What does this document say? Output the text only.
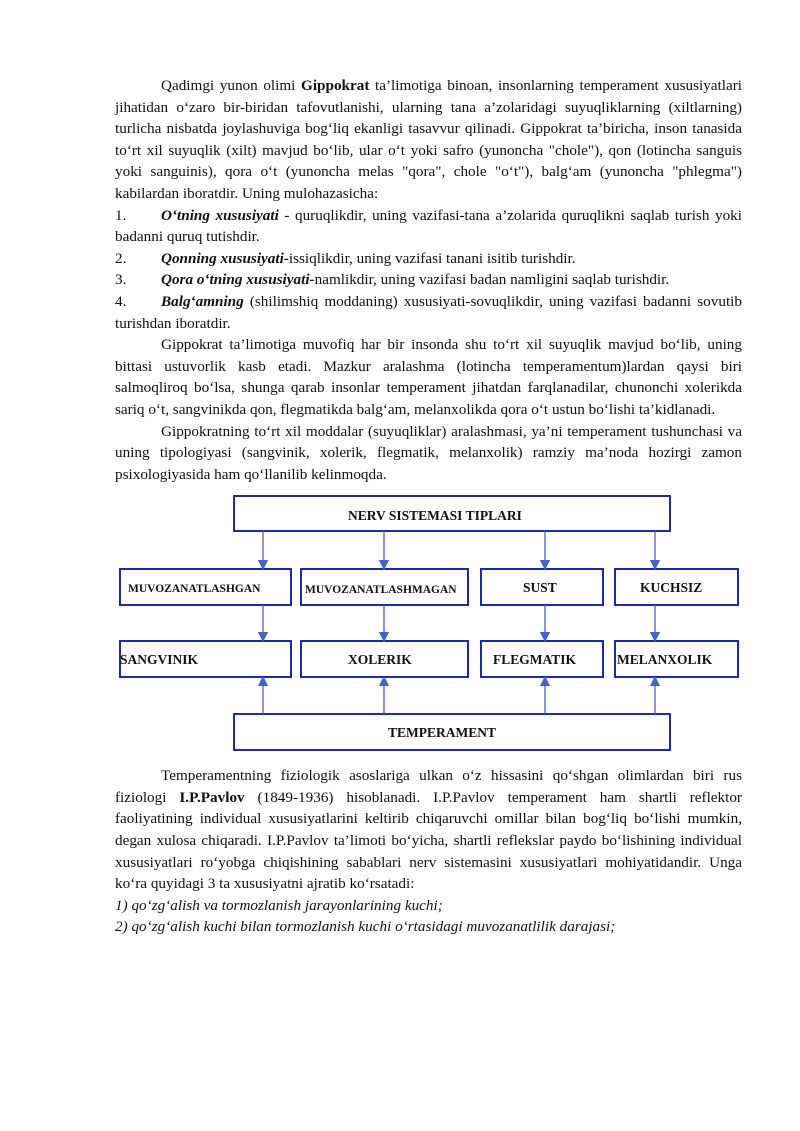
Qadimgi yunon olimi Gippokrat ta’limotiga binoan, insonlarning temperament xususiyatlari jihatidan o‘zaro bir-biridan tafovutlanishi, ularning tana a’zolaridagi suyuqliklarning (xiltlarning) turlicha nisbatda joylashuviga bog‘liq ekanligi tasavvur qilinadi. Gippokrat ta’biricha, inson tanasida to‘rt xil suyuqlik (xilt) mavjud bo‘lib, ular o‘t yoki safro (yunoncha "chole"), qon (lotincha sanguis yoki sanguinis), qora o‘t (yunoncha melas "qora", chole "o‘t"), balg‘am (yunoncha "phlegma") kabilardan iboratdir. Uning mulohazasicha:

1. O‘tning xususiyati - quruqlikdir, uning vazifasi-tana a’zolarida quruqlikni saqlab turish yoki badanni quruq tutishdir.
2. Qonning xususiyati-issiqlikdir, uning vazifasi tanani isitib turishdir.
3. Qora o‘tning xususiyati-namlikdir, uning vazifasi badan namligini saqlab turishdir.
4. Balg‘amning (shilimshiq moddaning) xususiyati-sovuqlikdir, uning vazifasi badanni sovutib turishdan iboratdir.

Gippokrat ta’limotiga muvofiq har bir insonda shu to‘rt xil suyuqlik mavjud bo‘lib, uning bittasi ustuvorlik kasb etadi. Mazkur aralashma (lotincha temperamentum)lardan qaysi biri salmoqliroq bo‘lsa, shunga qarab insonlar temperament jihatdan farqlanadilar, chunonchi xolerikda sariq o‘t, sangvinikda qon, flegmatikda balg‘am, melanxolikda qora o‘t ustun bo‘lishi ta’kidlanadi.

Gippokratning to‘rt xil moddalar (suyuqliklar) aralashmasi, ya’ni temperament tushunchasi va uning tipologiyasi (sangvinik, xolerik, flegmatik, melanxolik) ramziy ma’noda hozirgi zamon psixologiyasida ham qo‘llanilib kelinmoqda.

NERV SISTEMASI TIPLARI
MUVOZANATLASHGAN	MUVOZANATLASHMAGAN	SUST	KUCHSIZ
SANGVINIK	XOLERIK	FLEGMATIK	MELANXOLIK
TEMPERAMENT

Temperamentning fiziologik asoslariga ulkan o‘z hissasini qo‘shgan olimlardan biri rus fiziologi I.P.Pavlov (1849-1936) hisoblanadi. I.P.Pavlov temperament ham shartli reflektor faoliyatining individual xususiyatlarini keltirib chiqaruvchi omillar bilan bog‘liq bo‘lishi mumkin, degan xulosa chiqaradi. I.P.Pavlov ta’limoti bo‘yicha, shartli reflekslar paydo bo‘lishining individual xususiyatlari ro‘yobga chiqishining sabablari nerv sistemasini xususiyatlari mohiyatidandir. Unga ko‘ra quyidagi 3 ta xususiyatni ajratib ko‘rsatadi:

1) qo‘zg‘alish va tormozlanish jarayonlarining kuchi;

2) qo‘zg‘alish kuchi bilan tormozlanish kuchi o‘rtasidagi muvozanatlilik darajasi;
